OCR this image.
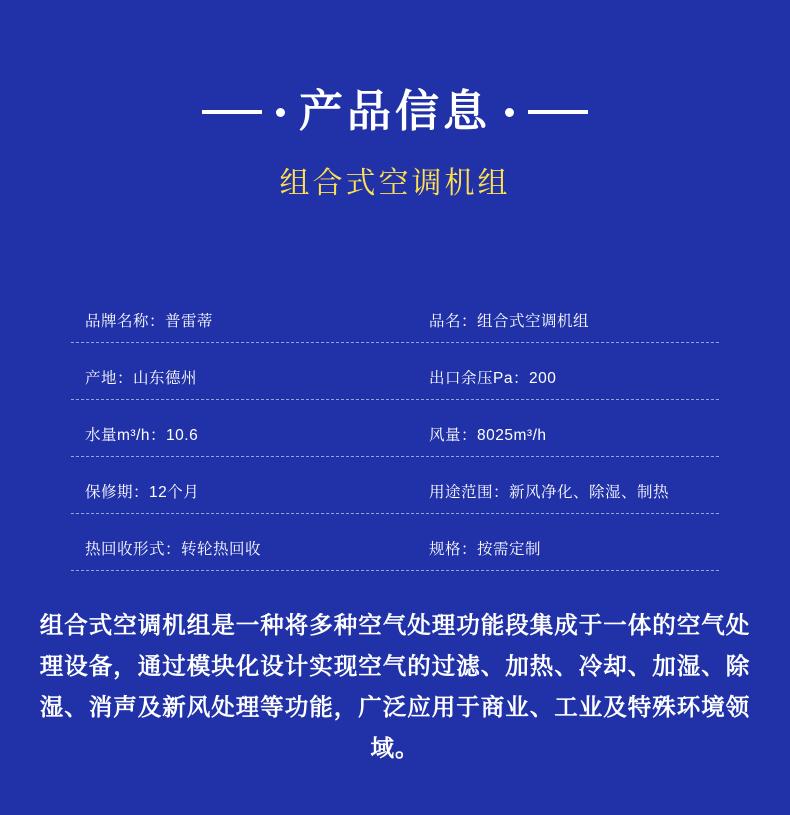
产品信息
组合式空调机组
品牌名称：普雷蒂	品名：组合式空调机组
产地：山东德州	出口余压Pa：200
水量m³/h：10.6	风量：8025m³/h
保修期：12个月	用途范围：新风净化、除湿、制热
热回收形式：转轮热回收	规格：按需定制
组合式空调机组是一种将多种空气处理功能段集成于一体的空气处理设备，通过模块化设计实现空气的过滤、加热、冷却、加湿、除湿、消声及新风处理等功能，广泛应用于商业、工业及特殊环境领域。
